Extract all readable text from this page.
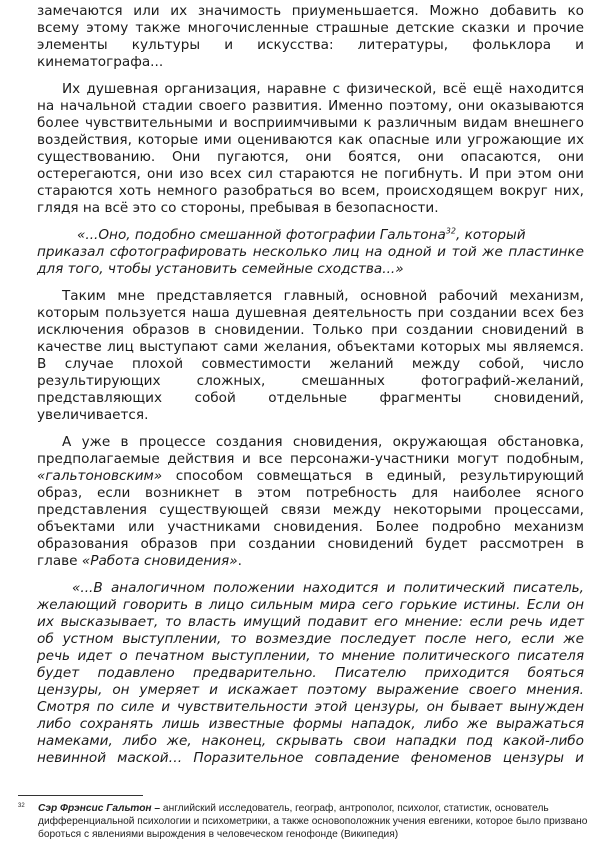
замечаются или их значимость приуменьшается. Можно добавить ко
всему этому также многочисленные страшные детские сказки и прочие
элементы культуры и искусства: литературы, фольклора и
кинематографа...
Их душевная организация, наравне с физической, всё ещё находится
на начальной стадии своего развития. Именно поэтому, они оказываются
более чувствительными и восприимчивыми к различным видам внешнего
воздействия, которые ими оцениваются как опасные или угрожающие их
существованию. Они пугаются, они боятся, они опасаются, они
остерегаются, они изо всех сил стараются не погибнуть. И при этом они
стараются хоть немного разобраться во всем, происходящем вокруг них,
глядя на всё это со стороны, пребывая в безопасности.
«...Оно, подобно смешанной фотографии Гальтона$^{32}$, который
приказал сфотографировать несколько лиц на одной и той же пластинке
для того, чтобы установить семейные сходства...»
Таким мне представляется главный, основной рабочий механизм,
которым пользуется наша душевная деятельность при создании всех без
исключения образов в сновидении. Только при создании сновидений в
качестве лиц выступают сами желания, объектами которых мы являемся.
В случае плохой совместимости желаний между собой, число
результирующих сложных, смешанных фотографий-желаний,
представляющих собой отдельные фрагменты сновидений,
увеличивается.
А уже в процессе создания сновидения, окружающая обстановка,
предполагаемые действия и все персонажи-участники могут подобным,
«гальтоновским» способом совмещаться в единый, результирующий
образ, если возникнет в этом потребность для наиболее ясного
представления существующей связи между некоторыми процессами,
объектами или участниками сновидения. Более подробно механизм
образования образов при создании сновидений будет рассмотрен в
главе «Работа сновидения».
«...В аналогичном положении находится и политический писатель,
желающий говорить в лицо сильным мира сего горькие истины. Если он
их высказывает, то власть имущий подавит его мнение: если речь идет
об устном выступлении, то возмездие последует после него, если же
речь идет о печатном выступлении, то мнение политического писателя
будет подавлено предварительно. Писателю приходится бояться
цензуры, он умеряет и искажает поэтому выражение своего мнения.
Смотря по силе и чувствительности этой цензуры, он бывает вынужден
либо сохранять лишь известные формы нападок, либо же выражаться
намеками, либо же, наконец, скрывать свои нападки под какой-либо
невинной маской… Поразительное совпадение феноменов цензуры и
32	Сэр Фрэнсис Гальтон – английский исследователь, географ, антрополог, психолог, статистик, основатель
дифференциальной психологии и психометрики, а также основоположник учения евгеники, которое было призвано
бороться с явлениями вырождения в человеческом генофонде (Википедия)
